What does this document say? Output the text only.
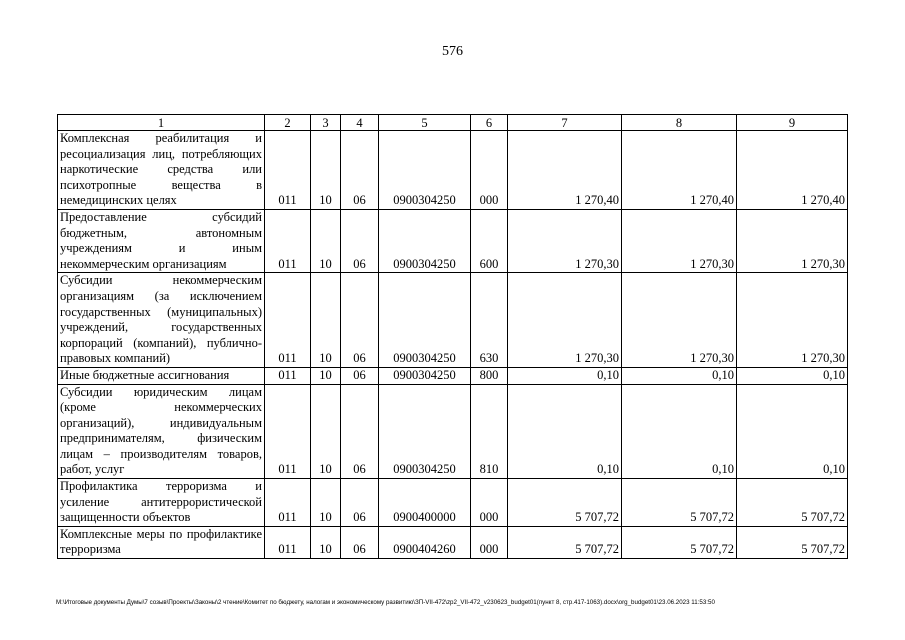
576
1	2	3	4	5	6	7	8	9
Комплексная реабилитация и ресоциализация лиц, потребляющих наркотические средства или психотропные вещества в немедицинских целях	011	10	06	0900304250	000	1 270,40	1 270,40	1 270,40
Предоставление субсидий бюджетным, автономным учреждениям и иным некоммерческим организациям	011	10	06	0900304250	600	1 270,30	1 270,30	1 270,30
Субсидии некоммерческим организациям (за исключением государственных (муниципальных) учреждений, государственных корпораций (компаний), публично-правовых компаний)	011	10	06	0900304250	630	1 270,30	1 270,30	1 270,30
Иные бюджетные ассигнования	011	10	06	0900304250	800	0,10	0,10	0,10
Субсидии юридическим лицам (кроме некоммерческих организаций), индивидуальным предпринимателям, физическим лицам – производителям товаров, работ, услуг	011	10	06	0900304250	810	0,10	0,10	0,10
Профилактика терроризма и усиление антитеррористической защищенности объектов	011	10	06	0900400000	000	5 707,72	5 707,72	5 707,72
Комплексные меры по профилактике терроризма	011	10	06	0900404260	000	5 707,72	5 707,72	5 707,72
M:\Итоговые документы Думы\7 созыв\Проекты\Законы\2 чтение\Комитет по бюджету, налогам и экономическому развитию\ЗП-VII-472\zp2_VII-472_v230623_budget01(пункт 8, стр.417-1063).docx\org_budget01\23.06.2023 11:53:50
